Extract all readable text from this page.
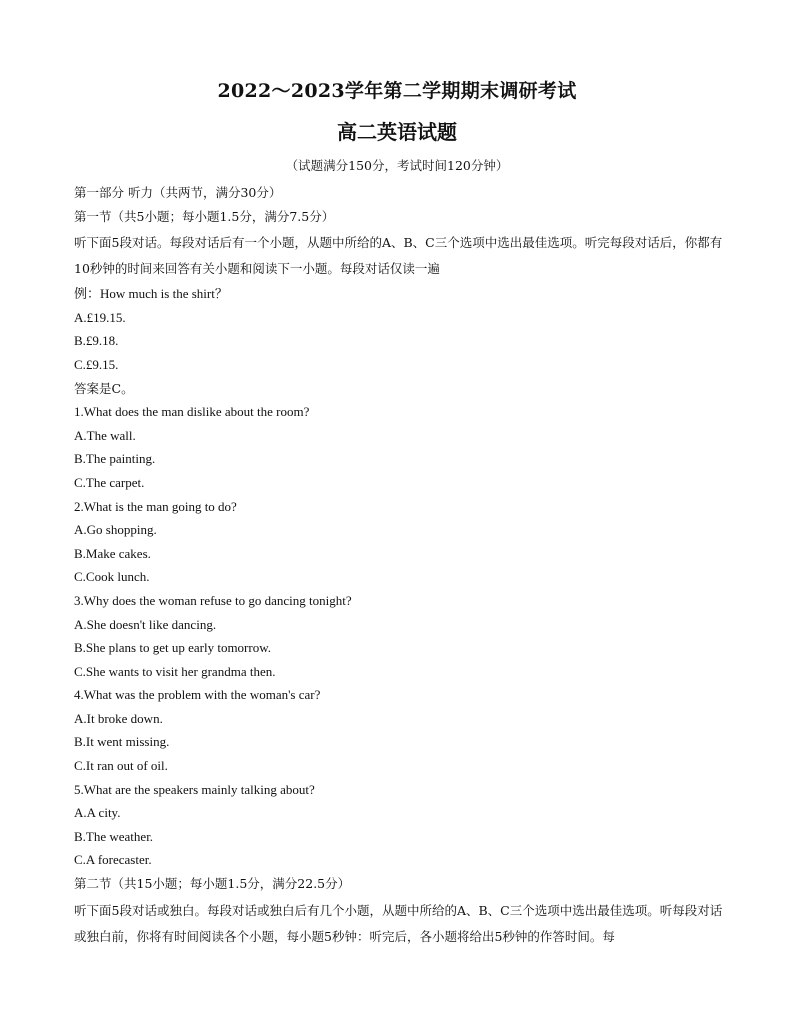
2022～2023学年第二学期期末调研考试
高二英语试题
（试题满分150分，考试时间120分钟）
第一部分 听力（共两节，满分30分）
第一节（共5小题；每小题1.5分，满分7.5分）
听下面5段对话。每段对话后有一个小题，从题中所给的A、B、C三个选项中选出最佳选项。听完每段对话后，你都有10秒钟的时间来回答有关小题和阅读下一小题。每段对话仅读一遍
例：How much is the shirt？
A.£19.15.
B.£9.18.
C.£9.15.
答案是C。
1.What does the man dislike about the room?
A.The wall.
B.The painting.
C.The carpet.
2.What is the man going to do?
A.Go shopping.
B.Make cakes.
C.Cook lunch.
3.Why does the woman refuse to go dancing tonight?
A.She doesn't like dancing.
B.She plans to get up early tomorrow.
C.She wants to visit her grandma then.
4.What was the problem with the woman's car?
A.It broke down.
B.It went missing.
C.It ran out of oil.
5.What are the speakers mainly talking about?
A.A city.
B.The weather.
C.A forecaster.
第二节（共15小题；每小题1.5分，满分22.5分）
听下面5段对话或独白。每段对话或独白后有几个小题，从题中所给的A、B、C三个选项中选出最佳选项。听每段对话或独白前，你将有时间阅读各个小题，每小题5秒钟：听完后，各小题将给出5秒钟的作答时间。每
